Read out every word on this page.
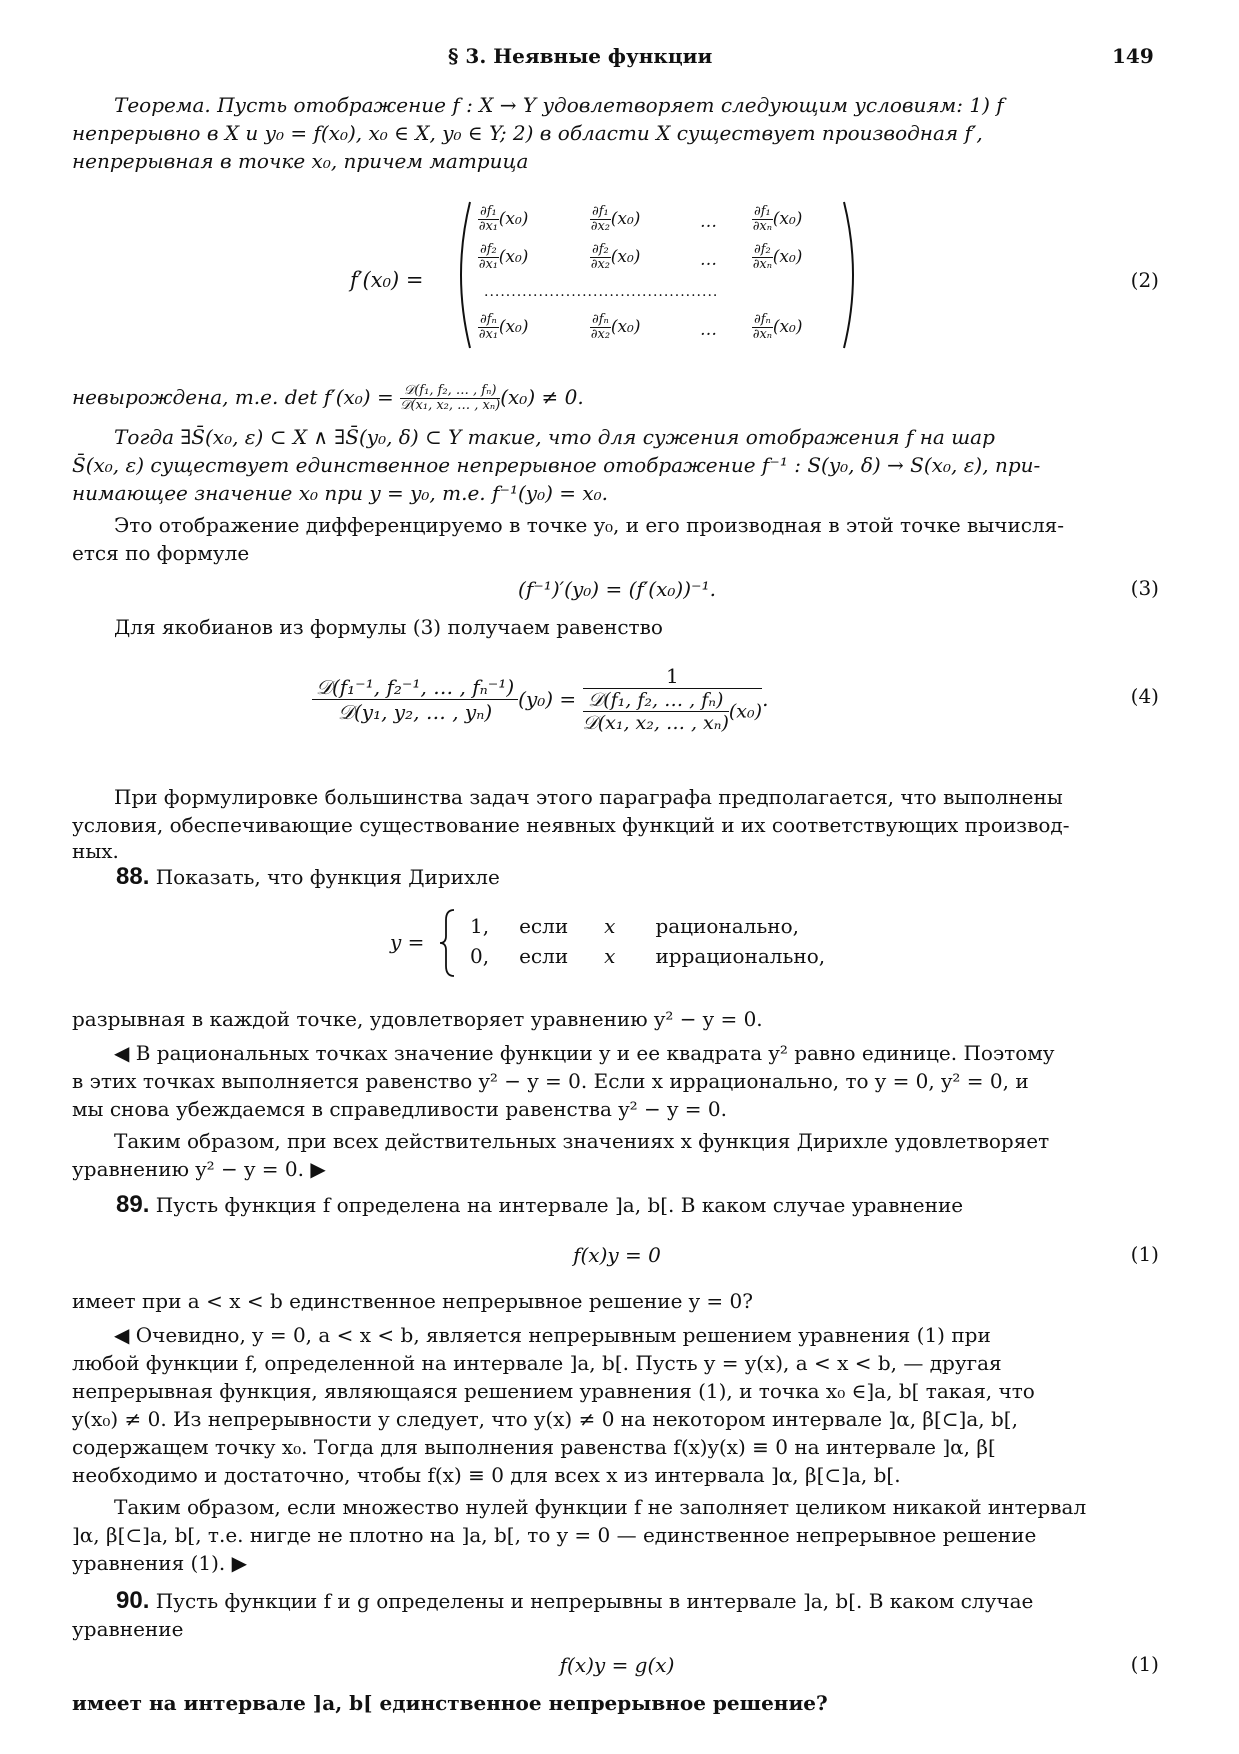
§ 3. Неявные функции	149
Теорема. Пусть отображение f : X → Y удовлетворяет следующим условиям: 1) f
непрерывно в X и y₀ = f(x₀), x₀ ∈ X, y₀ ∈ Y; 2) в области X существует производная f′,
непрерывная в точке x₀, причем матрица
f′(x₀) =
$\frac{\text{∂f₁}}{\text{∂x₁}} (x_0)$	$\frac{\text{∂f₁}}{\text{∂x₂}} (x_0)$	…	$\frac{\text{∂f₁}}{\text{∂xₙ}} (x_0)$
$\frac{\text{∂f₂}}{\text{∂x₁}} (x_0)$	$\frac{\text{∂f₂}}{\text{∂x₂}} (x_0)$	…	$\frac{\text{∂f₂}}{\text{∂xₙ}} (x_0)$
...........................................
$\frac{\text{∂fₙ}}{\text{∂x₁}} (x_0)$	$\frac{\text{∂fₙ}}{\text{∂x₂}} (x_0)$	…	$\frac{\text{∂fₙ}}{\text{∂xₙ}} (x_0)$
(2)
невырождена, т.е. $\det f'(x_0) = \frac{\text{𝒟(f₁, f₂, … , fₙ)}}{\text{𝒟(x₁, x₂, … , xₙ)}} (x_0) \ne 0$.
Тогда ∃S̄(x₀, ε) ⊂ X ∧ ∃S̄(y₀, δ) ⊂ Y такие, что для сужения отображения f на шар
S̄(x₀, ε) существует единственное непрерывное отображение f⁻¹ : S(y₀, δ) → S(x₀, ε), при-
нимающее значение x₀ при y = y₀, т.е. f⁻¹(y₀) = x₀.
Это отображение дифференцируемо в точке y₀, и его производная в этой точке вычисля-
ется по формуле
(f⁻¹)′(y₀) = (f′(x₀))⁻¹.	(3)
Для якобианов из формулы (3) получаем равенство
𝒟(f₁⁻¹, f₂⁻¹, … , fₙ⁻¹)
𝒟(y₁, y₂, … , yₙ)
(y₀) =
1
𝒟(f₁, f₂, … , fₙ)
𝒟(x₁, x₂, … , xₙ)
(x₀).	(4)
При формулировке большинства задач этого параграфа предполагается, что выполнены
условия, обеспечивающие существование неявных функций и их соответствующих производ-
ных.
88. Показать, что функция Дирихле
y =
1, если x рационально,
0, если x иррационально,
разрывная в каждой точке, удовлетворяет уравнению y² − y = 0.
◀ В рациональных точках значение функции y и ее квадрата y² равно единице. Поэтому
в этих точках выполняется равенство y² − y = 0. Если x иррационально, то y = 0, y² = 0, и
мы снова убеждаемся в справедливости равенства y² − y = 0.
Таким образом, при всех действительных значениях x функция Дирихле удовлетворяет
уравнению y² − y = 0. ▶
89. Пусть функция f определена на интервале ]a, b[. В каком случае уравнение
f(x)y = 0	(1)
имеет при a < x < b единственное непрерывное решение y = 0?
◀ Очевидно, y = 0, a < x < b, является непрерывным решением уравнения (1) при
любой функции f, определенной на интервале ]a, b[. Пусть y = y(x), a < x < b, — другая
непрерывная функция, являющаяся решением уравнения (1), и точка x₀ ∈]a, b[ такая, что
y(x₀) ≠ 0. Из непрерывности y следует, что y(x) ≠ 0 на некотором интервале ]α, β[⊂]a, b[,
содержащем точку x₀. Тогда для выполнения равенства f(x)y(x) ≡ 0 на интервале ]α, β[
необходимо и достаточно, чтобы f(x) ≡ 0 для всех x из интервала ]α, β[⊂]a, b[.
Таким образом, если множество нулей функции f не заполняет целиком никакой интервал
]α, β[⊂]a, b[, т.е. нигде не плотно на ]a, b[, то y = 0 — единственное непрерывное решение
уравнения (1). ▶
90. Пусть функции f и g определены и непрерывны в интервале ]a, b[. В каком случае
уравнение
f(x)y = g(x)	(1)
имеет на интервале ]a, b[ единственное непрерывное решение?
